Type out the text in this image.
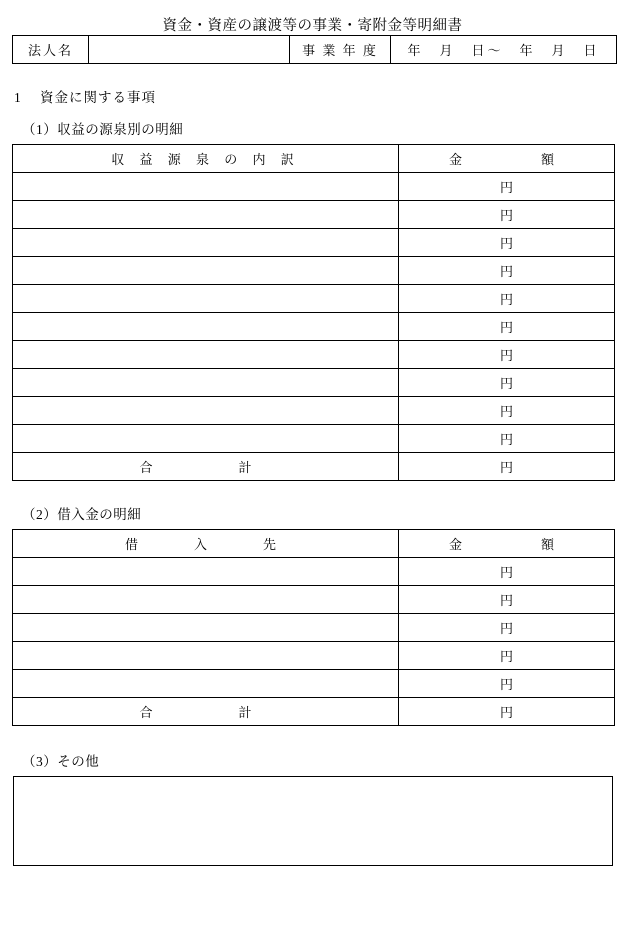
資金・資産の譲渡等の事業・寄附金等明細書
法人名		事 業 年 度	年　月　日～　年　月　日
1 資金に関する事項
（1）収益の源泉別の明細
収 益 源 泉 の 内 訳	金　　　額
	円
	円
	円
	円
	円
	円
	円
	円
	円
	円
合　　計	円
（2）借入金の明細
借　　入　　先	金　　　額
	円
	円
	円
	円
	円
合　　計	円
（3）その他
